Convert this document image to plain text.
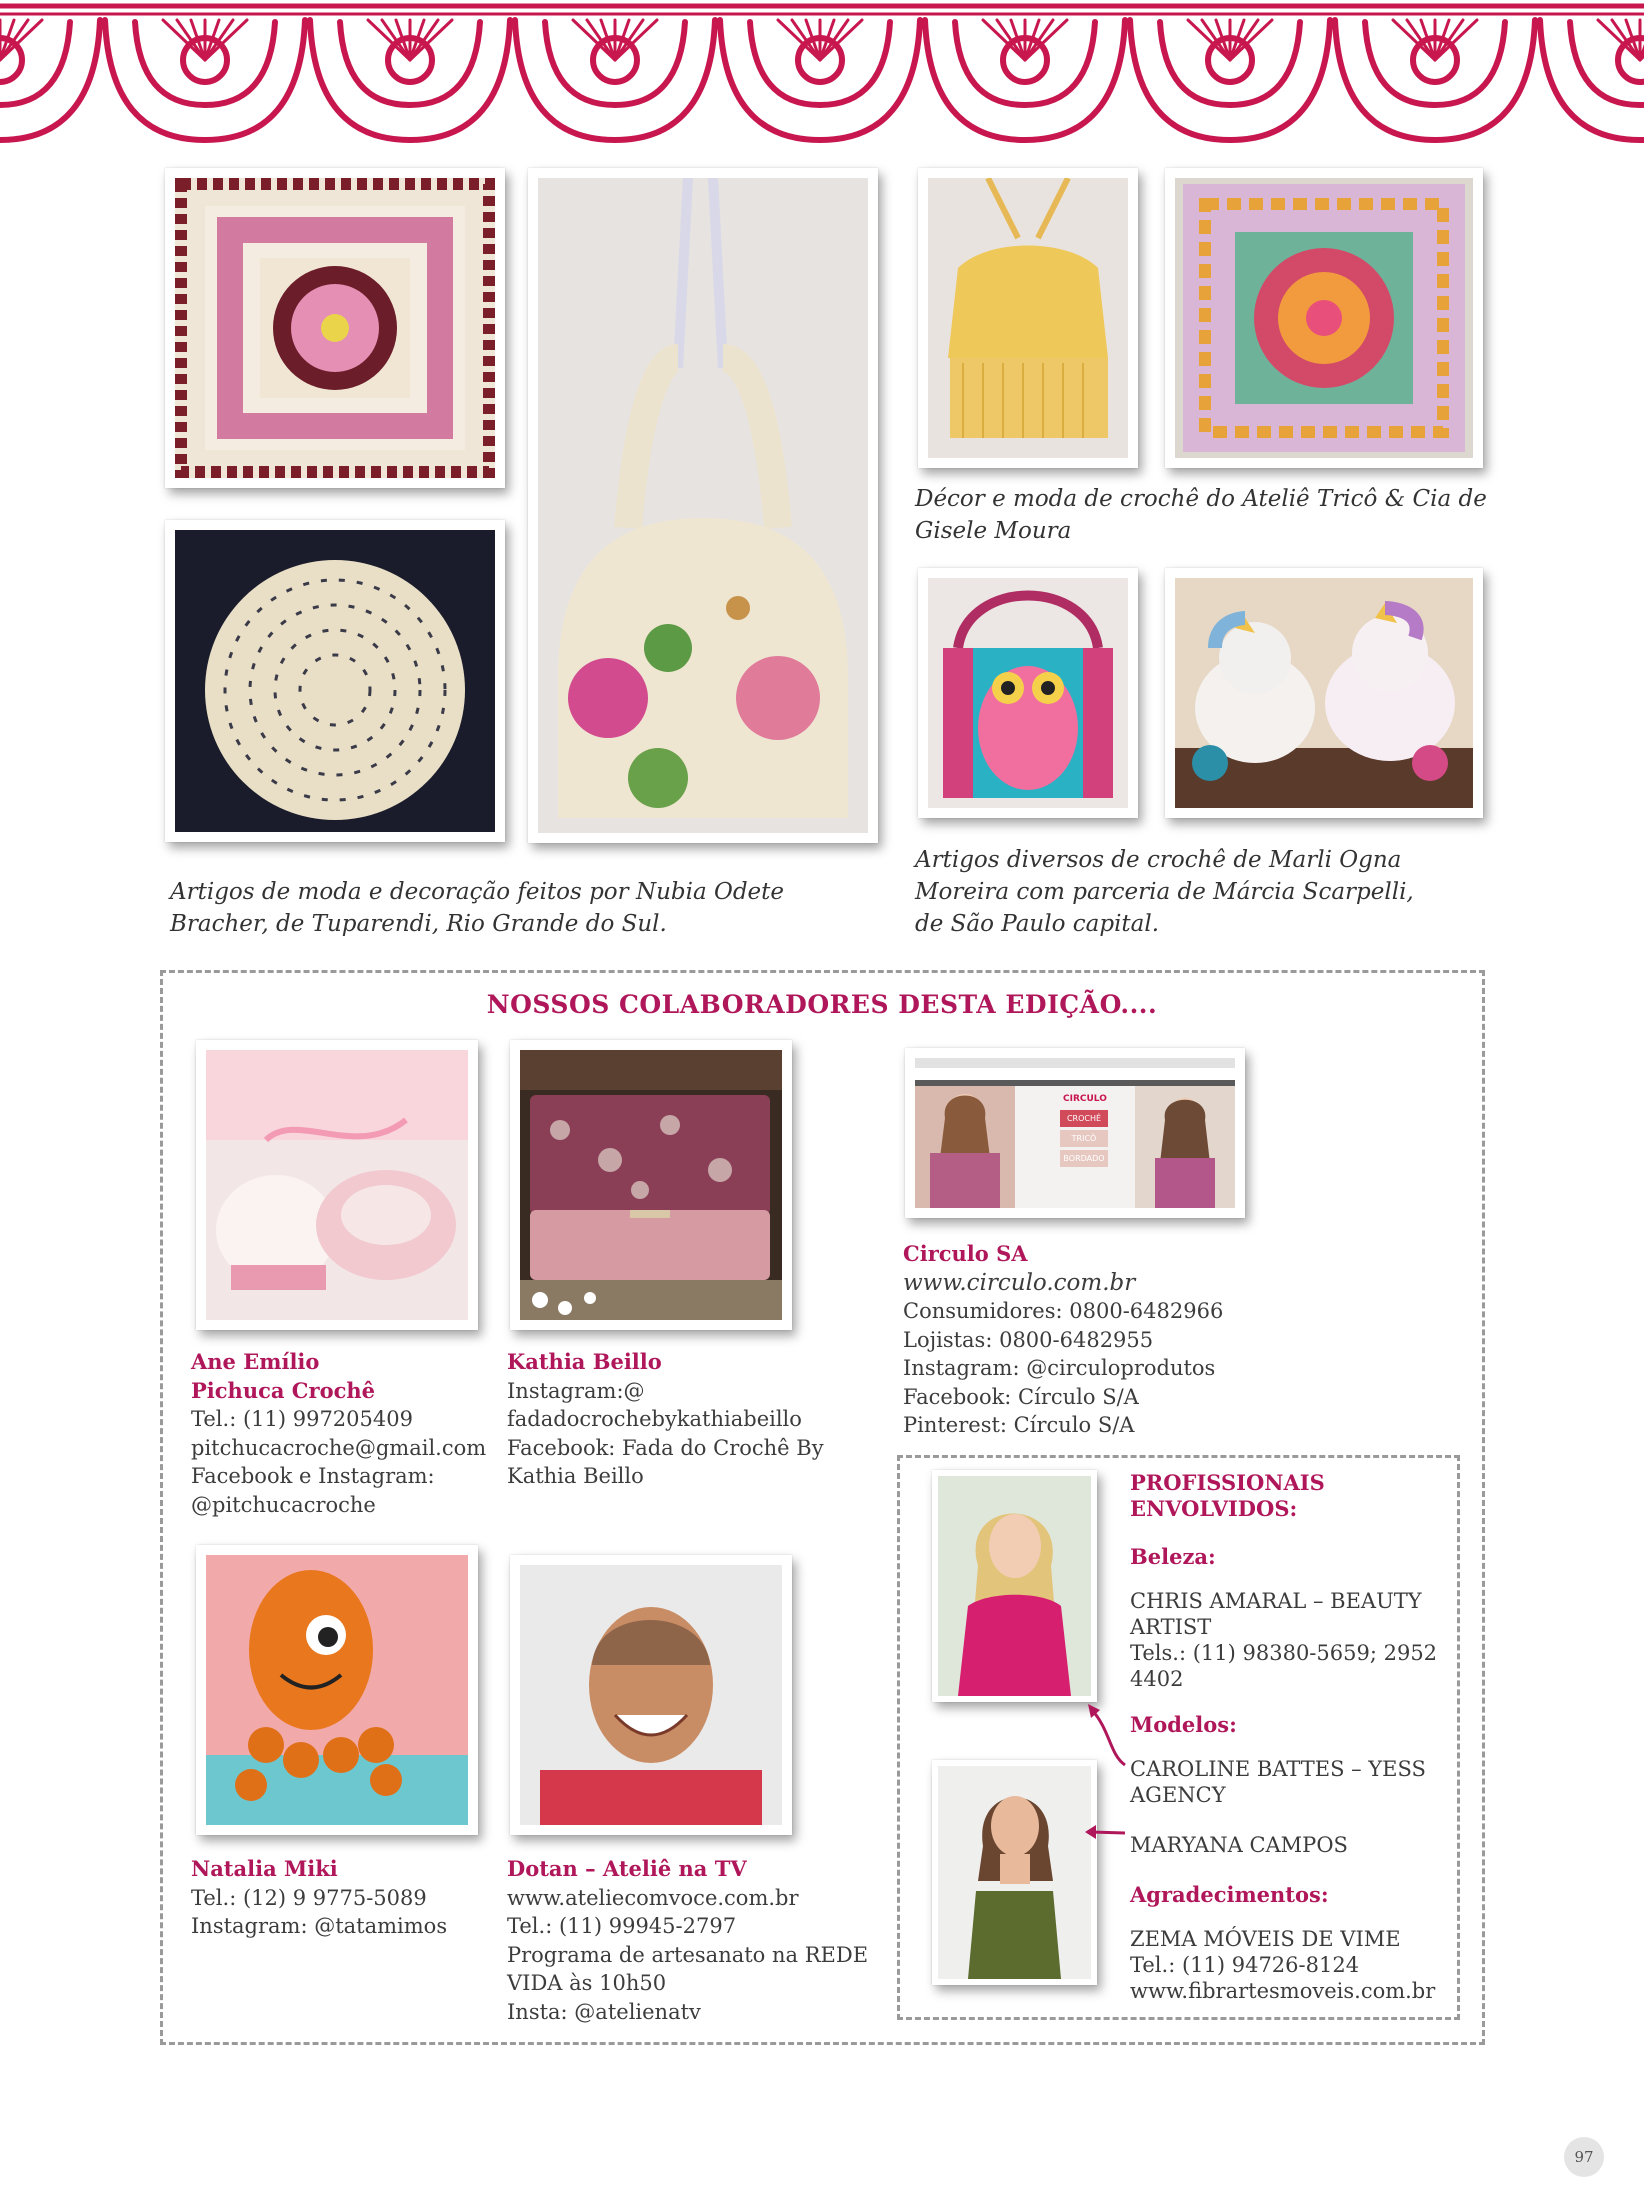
Artigos de moda e decoração feitos por Nubia Odete
Bracher, de Tuparendi, Rio Grande do Sul.
Décor e moda de crochê do Ateliê Tricô & Cia de
Gisele Moura
Artigos diversos de crochê de Marli Ogna
Moreira com parceria de Márcia Scarpelli,
de São Paulo capital.
NOSSOS COLABORADORES DESTA EDIÇÃO....
CIRCULO
CROCHÊ
TRICÔ
BORDADO
Ane Emílio
Pichuca Crochê
Tel.: (11) 997205409
pitchucacroche@gmail.com
Facebook e Instagram:
@pitchucacroche
Kathia Beillo
Instagram:@
fadadocrochebykathiabeillo
Facebook: Fada do Crochê By
Kathia Beillo
Circulo SA
www.circulo.com.br
Consumidores: 0800-6482966
Lojistas: 0800-6482955
Instagram: @circuloprodutos
Facebook: Círculo S/A
Pinterest: Círculo S/A
Natalia Miki
Tel.: (12) 9 9775-5089
Instagram: @tatamimos
Dotan – Ateliê na TV
www.ateliecomvoce.com.br
Tel.: (11) 99945-2797
Programa de artesanato na REDE
VIDA às 10h50
Insta: @atelienatv
PROFISSIONAIS
ENVOLVIDOS:
Beleza:
CHRIS AMARAL – BEAUTY
ARTIST
Tels.: (11) 98380-5659; 2952
4402
Modelos:
CAROLINE BATTES – YESS
AGENCY
MARYANA CAMPOS
Agradecimentos:
ZEMA MÓVEIS DE VIME
Tel.: (11) 94726-8124
www.fibrartesmoveis.com.br
97
